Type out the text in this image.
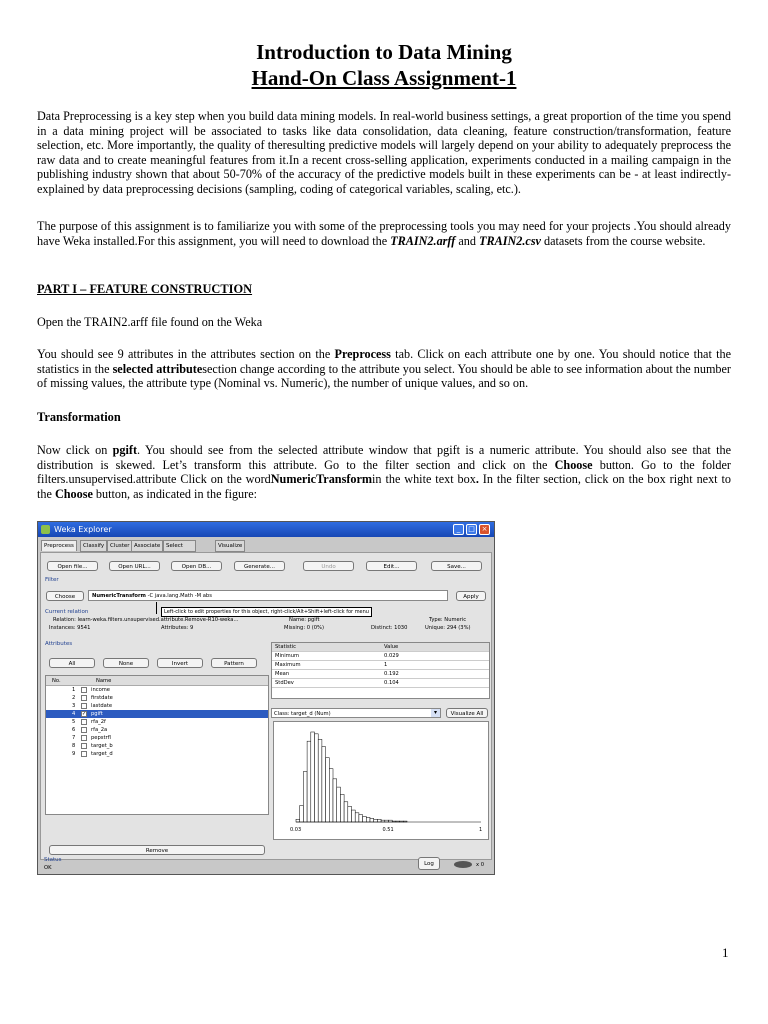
Introduction to Data Mining
Hand-On Class Assignment-1
Data Preprocessing is a key step when you build data mining models. In real-world business settings, a great proportion of the time you spend in a data mining project will be associated to tasks like data consolidation, data cleaning, feature construction/transformation, feature selection, etc. More importantly, the quality of theresulting predictive models will largely depend on your ability to adequately preprocess the raw data and to create meaningful features from it.In a recent cross-selling application, experiments conducted in a mailing campaign in the publishing industry shown that about 50-70% of the accuracy of the predictive models built in these experiments can be - at least indirectly- explained by data preprocessing decisions (sampling, coding of categorical variables, scaling, etc.).
The purpose of this assignment is to familiarize you with some of the preprocessing tools you may need for your projects .You should already have Weka installed.For this assignment, you will need to download the TRAIN2.arff and TRAIN2.csv datasets from the course website.
PART I – FEATURE CONSTRUCTION
Open the TRAIN2.arff file found on the Weka
You should see 9 attributes in the attributes section on the Preprocess tab. Click on each attribute one by one. You should notice that the statistics in the selected attributesection change according to the attribute you select. You should be able to see information about the number of missing values, the attribute type (Nominal vs. Numeric), the number of unique values, and so on.
Transformation
Now click on pgift. You should see from the selected attribute window that pgift is a numeric attribute. You should also see that the distribution is skewed. Let’s transform this attribute. Go to the filter section and click on the Choose button. Go to the folder filters.unsupervised.attribute Click on the wordNumericTransformin the white text box. In the filter section, click on the box right next to the Choose button, as indicated in the figure:
Weka Explorer	_	□ ×
Preprocess	Classify	Cluster Associate	Select	Visualize
Open file...	Open URL...	Open DB...	Generate...	Undo	Edit...	Save...
Filter
Choose	NumericTransform -C java.lang.Math -M abs	Apply
Left-click to edit properties for this object, right-click/Alt+Shift+left-click for menu
Current relation
Relation: learn-weka.filters.unsupervised.attribute.Remove-R10-weka...
Instances: 9541	Attributes: 9
Name: pgift	Type: Numeric
Missing: 0 (0%)	Distinct: 1030	Unique: 294 (3%)
Attributes
All	None	Invert	Pattern
No.	Name
1	income
2	firstdate
3	lastdate
4 ✓ pgift
5	rfa_2f
6	rfa_2a
7	pepstrfl
8	target_b
9	target_d
Remove
Statistic	Value
Minimum	0.029
Maximum	1
Mean	0.192
StdDev	0.104
Class: target_d (Num)	▾	Visualize All
0.03	0.51	1
Status
OK
Log	x 0
1
